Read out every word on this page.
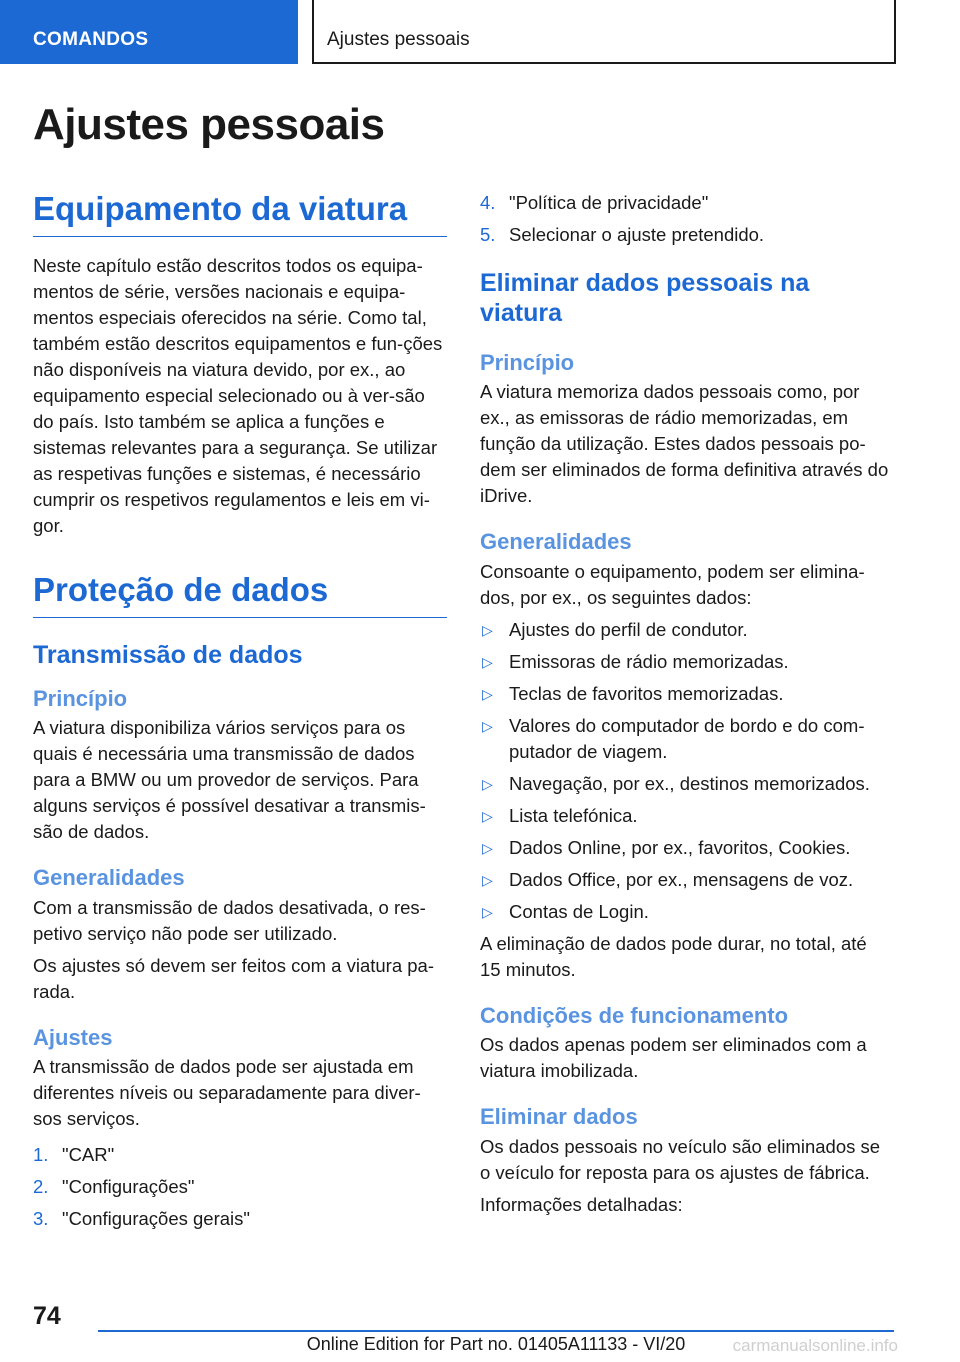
COMANDOS	Ajustes pessoais
Ajustes pessoais
Equipamento da viatura
Neste capítulo estão descritos todos os equipa-mentos de série, versões nacionais e equipa-mentos especiais oferecidos na série. Como tal, também estão descritos equipamentos e fun-ções não disponíveis na viatura devido, por ex., ao equipamento especial selecionado ou à ver-são do país. Isto também se aplica a funções e sistemas relevantes para a segurança. Se utilizar as respetivas funções e sistemas, é necessário cumprir os respetivos regulamentos e leis em vi-gor.
Proteção de dados
Transmissão de dados
Princípio
A viatura disponibiliza vários serviços para os quais é necessária uma transmissão de dados para a BMW ou um provedor de serviços. Para alguns serviços é possível desativar a transmis-são de dados.
Generalidades
Com a transmissão de dados desativada, o res-petivo serviço não pode ser utilizado.
Os ajustes só devem ser feitos com a viatura pa-rada.
Ajustes
A transmissão de dados pode ser ajustada em diferentes níveis ou separadamente para diver-sos serviços.
1. "CAR"
2. "Configurações"
3. "Configurações gerais"
4. "Política de privacidade"
5. Selecionar o ajuste pretendido.
Eliminar dados pessoais na viatura
Princípio
A viatura memoriza dados pessoais como, por ex., as emissoras de rádio memorizadas, em função da utilização. Estes dados pessoais po-dem ser eliminados de forma definitiva através do iDrive.
Generalidades
Consoante o equipamento, podem ser elimina-dos, por ex., os seguintes dados:
▷ Ajustes do perfil de condutor.
▷ Emissoras de rádio memorizadas.
▷ Teclas de favoritos memorizadas.
▷ Valores do computador de bordo e do com-putador de viagem.
▷ Navegação, por ex., destinos memorizados.
▷ Lista telefónica.
▷ Dados Online, por ex., favoritos, Cookies.
▷ Dados Office, por ex., mensagens de voz.
▷ Contas de Login.
A eliminação de dados pode durar, no total, até 15 minutos.
Condições de funcionamento
Os dados apenas podem ser eliminados com a viatura imobilizada.
Eliminar dados
Os dados pessoais no veículo são eliminados se o veículo for reposta para os ajustes de fábrica.
Informações detalhadas:
74
Online Edition for Part no. 01405A11133 - VI/20	carmanualsonline.info
